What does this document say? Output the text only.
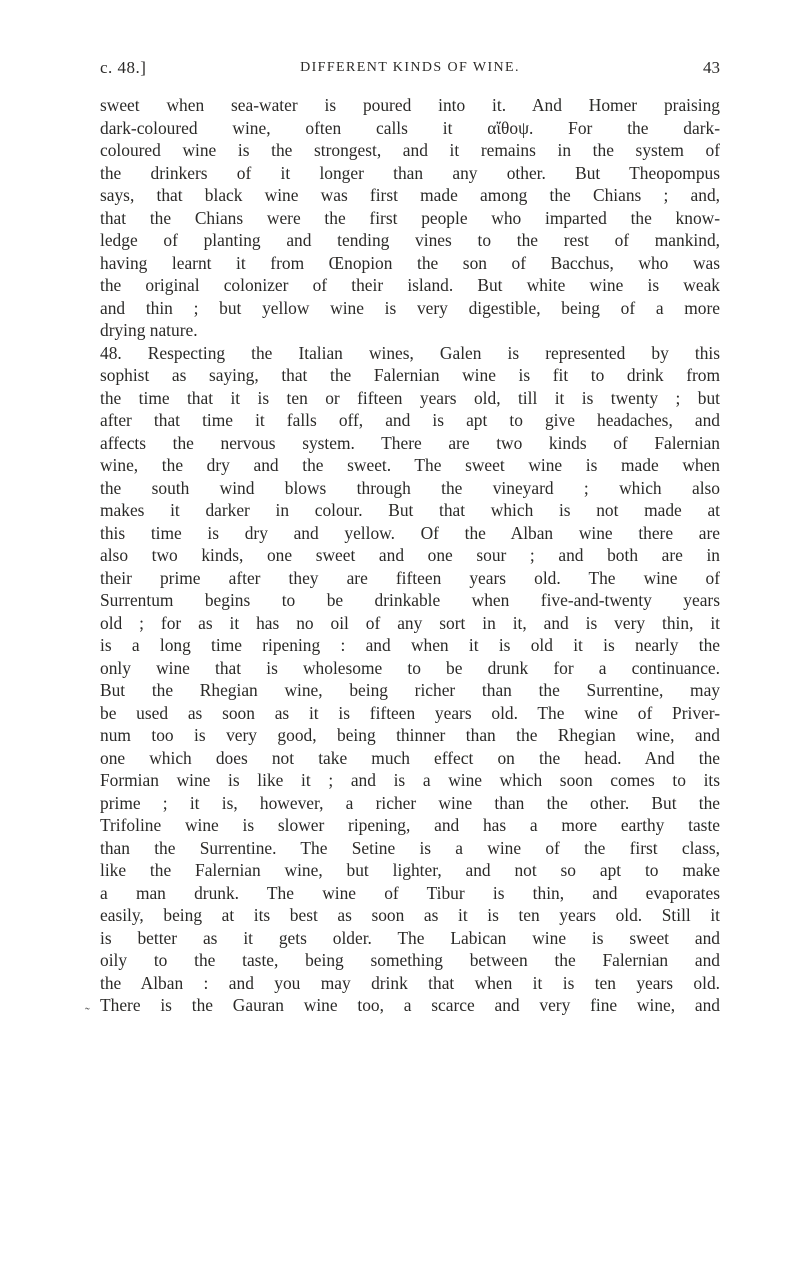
c. 48.]	DIFFERENT KINDS OF WINE.	43
sweet when sea-water is poured into it. And Homer praising
dark-coloured wine, often calls it αἴθοψ. For the dark-
coloured wine is the strongest, and it remains in the system of
the drinkers of it longer than any other. But Theopompus
says, that black wine was first made among the Chians ; and,
that the Chians were the first people who imparted the know-
ledge of planting and tending vines to the rest of mankind,
having learnt it from Œnopion the son of Bacchus, who was
the original colonizer of their island. But white wine is weak
and thin ; but yellow wine is very digestible, being of a more
drying nature.
48. Respecting the Italian wines, Galen is represented by this
sophist as saying, that the Falernian wine is fit to drink from
the time that it is ten or fifteen years old, till it is twenty ; but
after that time it falls off, and is apt to give headaches, and
affects the nervous system. There are two kinds of Falernian
wine, the dry and the sweet. The sweet wine is made when
the south wind blows through the vineyard ; which also
makes it darker in colour. But that which is not made at
this time is dry and yellow. Of the Alban wine there are
also two kinds, one sweet and one sour ; and both are in
their prime after they are fifteen years old. The wine of
Surrentum begins to be drinkable when five-and-twenty years
old ; for as it has no oil of any sort in it, and is very thin, it
is a long time ripening : and when it is old it is nearly the
only wine that is wholesome to be drunk for a continuance.
But the Rhegian wine, being richer than the Surrentine, may
be used as soon as it is fifteen years old. The wine of Priver-
num too is very good, being thinner than the Rhegian wine, and
one which does not take much effect on the head. And the
Formian wine is like it ; and is a wine which soon comes to its
prime ; it is, however, a richer wine than the other. But the
Trifoline wine is slower ripening, and has a more earthy taste
than the Surrentine. The Setine is a wine of the first class,
like the Falernian wine, but lighter, and not so apt to make
a man drunk. The wine of Tibur is thin, and evaporates
easily, being at its best as soon as it is ten years old. Still it
is better as it gets older. The Labican wine is sweet and
oily to the taste, being something between the Falernian and
the Alban : and you may drink that when it is ten years old.
There is the Gauran wine too, a scarce and very fine wine, and
˜
